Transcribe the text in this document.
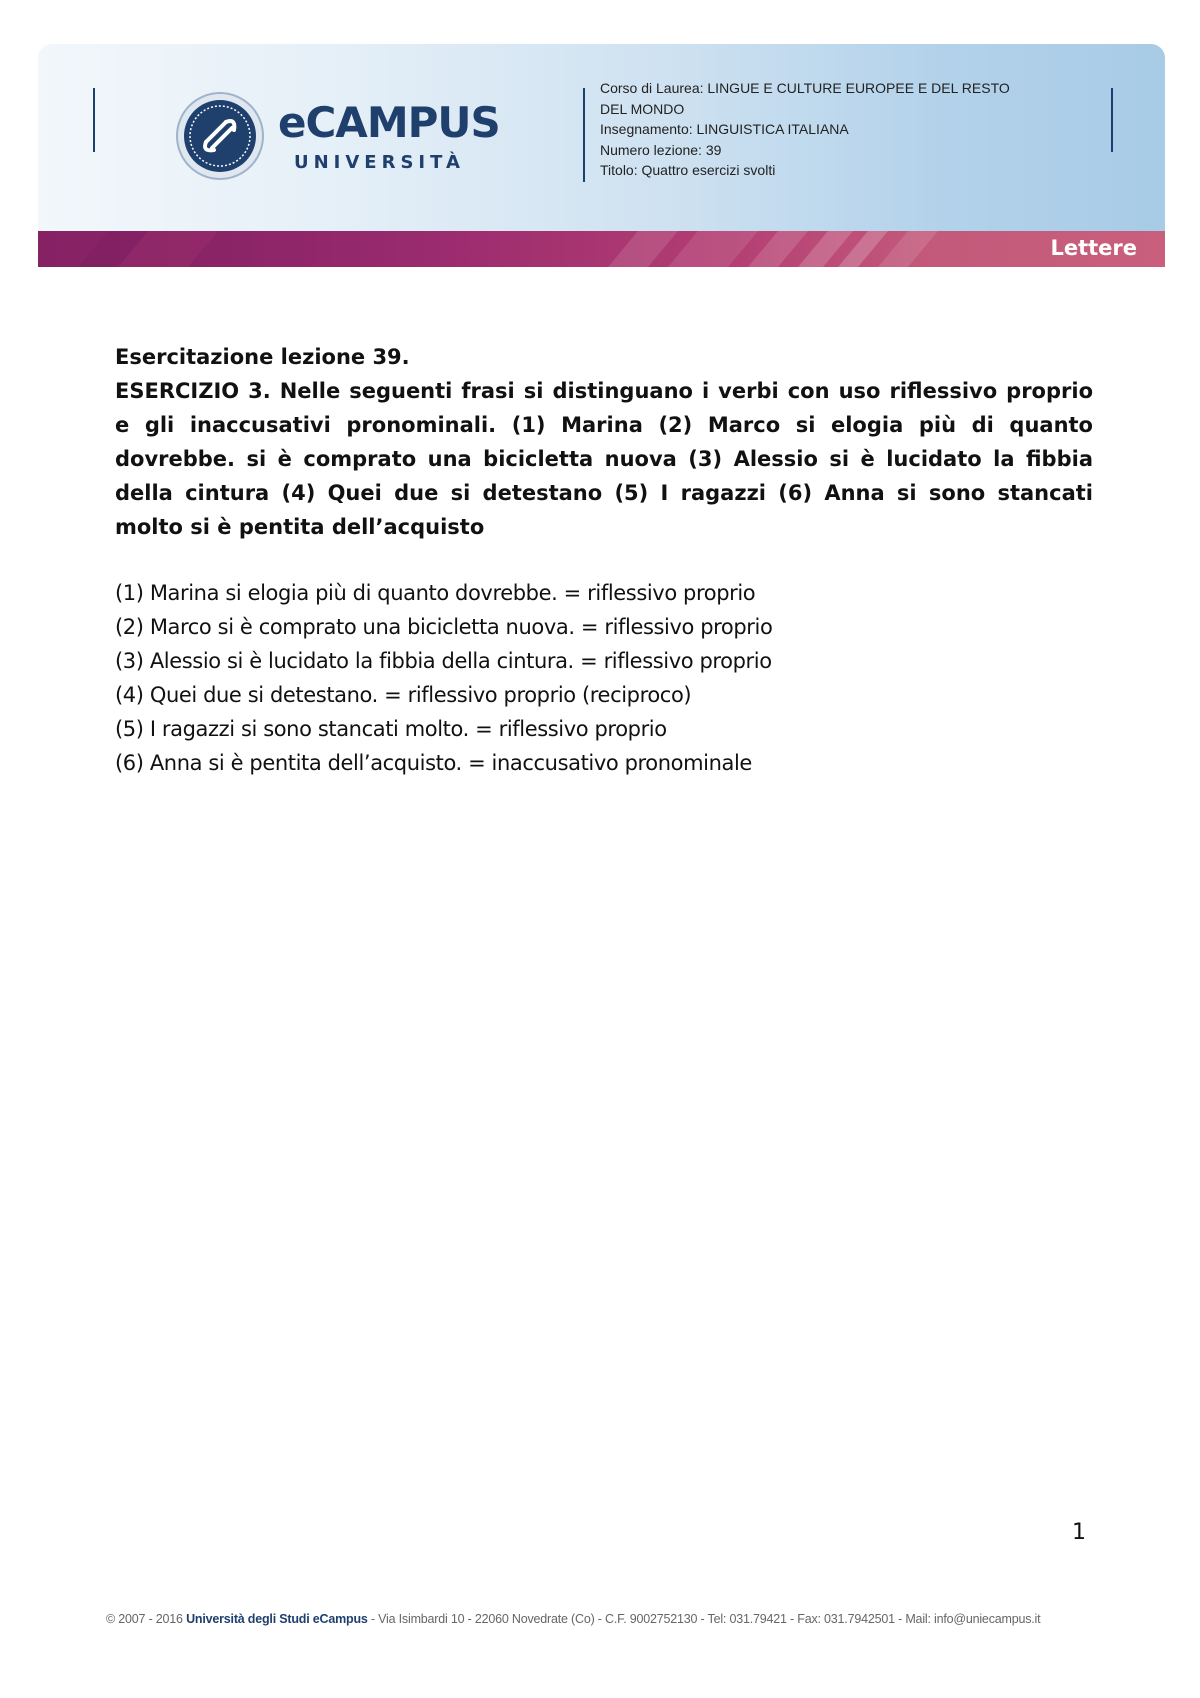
eCAMPUS
UNIVERSITÀ
Corso di Laurea: LINGUE E CULTURE EUROPEE E DEL RESTO
DEL MONDO
Insegnamento: LINGUISTICA ITALIANA
Numero lezione: 39
Titolo: Quattro esercizi svolti
Lettere

Esercitazione lezione 39.

ESERCIZIO 3. Nelle seguenti frasi si distinguano i verbi con uso riflessivo proprio e gli inaccusativi pronominali. (1) Marina (2) Marco si elogia più di quanto dovrebbe. si è comprato una bicicletta nuova (3) Alessio si è lucidato la fibbia della cintura (4) Quei due si detestano (5) I ragazzi (6) Anna si sono stancati molto si è pentita dell’acquisto

(1) Marina si elogia più di quanto dovrebbe. = riflessivo proprio
(2) Marco si è comprato una bicicletta nuova. = riflessivo proprio
(3) Alessio si è lucidato la fibbia della cintura. = riflessivo proprio
(4) Quei due si detestano. = riflessivo proprio (reciproco)
(5) I ragazzi si sono stancati molto. = riflessivo proprio
(6) Anna si è pentita dell’acquisto. = inaccusativo pronominale
1
© 2007 - 2016 Università degli Studi eCampus - Via Isimbardi 10 - 22060 Novedrate (Co) - C.F. 9002752130 - Tel: 031.79421 - Fax: 031.7942501 - Mail: info@uniecampus.it
